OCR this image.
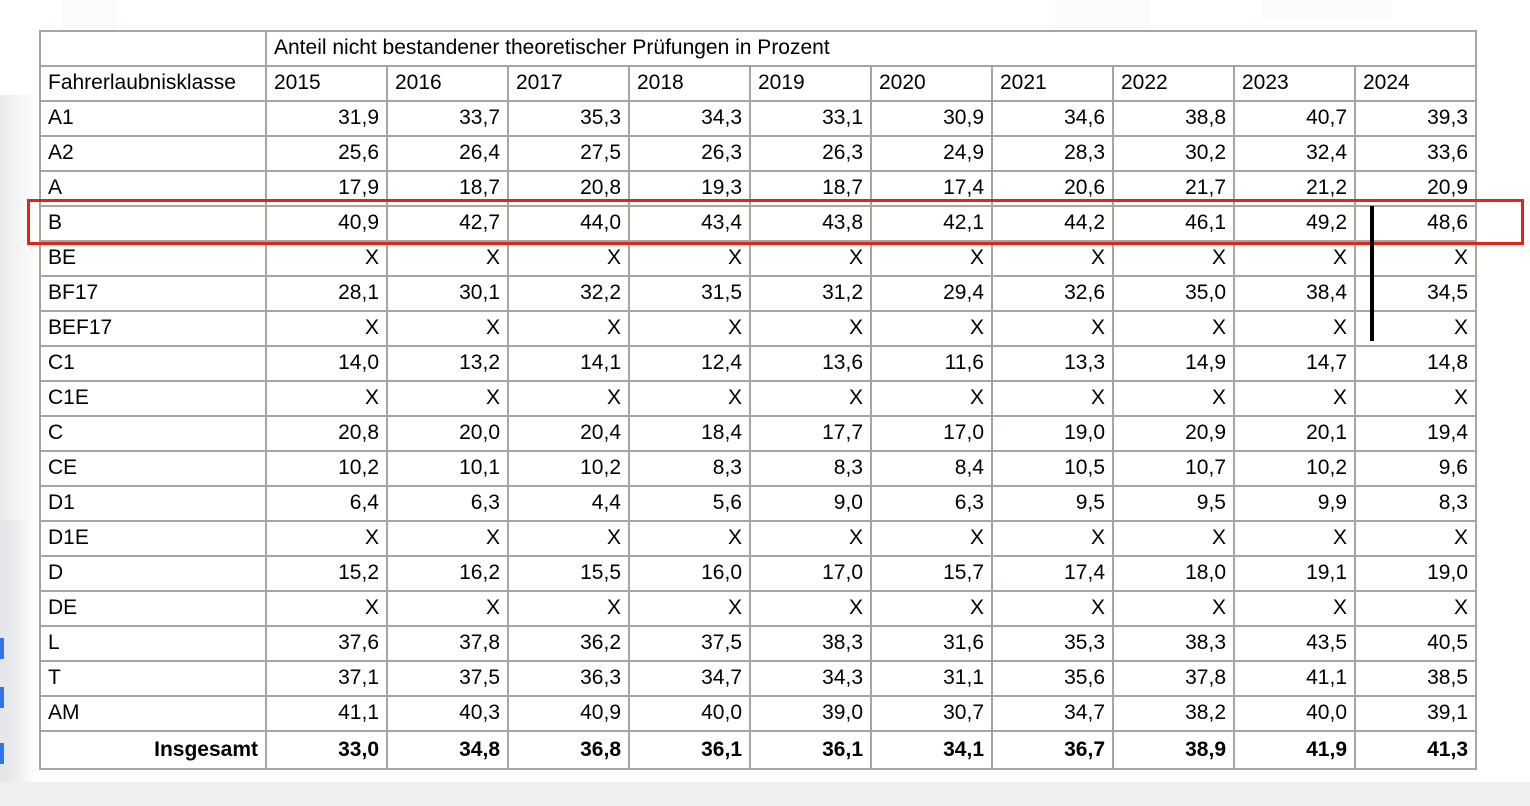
	Anteil nicht bestandener theoretischer Prüfungen in Prozent									
Fahrerlaubnisklasse	2015	2016	2017	2018	2019	2020	2021	2022	2023	2024
A1	31,9	33,7	35,3	34,3	33,1	30,9	34,6	38,8	40,7	39,3
A2	25,6	26,4	27,5	26,3	26,3	24,9	28,3	30,2	32,4	33,6
A	17,9	18,7	20,8	19,3	18,7	17,4	20,6	21,7	21,2	20,9
B	40,9	42,7	44,0	43,4	43,8	42,1	44,2	46,1	49,2	48,6
BE	X	X	X	X	X	X	X	X	X	X
BF17	28,1	30,1	32,2	31,5	31,2	29,4	32,6	35,0	38,4	34,5
BEF17	X	X	X	X	X	X	X	X	X	X
C1	14,0	13,2	14,1	12,4	13,6	11,6	13,3	14,9	14,7	14,8
C1E	X	X	X	X	X	X	X	X	X	X
C	20,8	20,0	20,4	18,4	17,7	17,0	19,0	20,9	20,1	19,4
CE	10,2	10,1	10,2	8,3	8,3	8,4	10,5	10,7	10,2	9,6
D1	6,4	6,3	4,4	5,6	9,0	6,3	9,5	9,5	9,9	8,3
D1E	X	X	X	X	X	X	X	X	X	X
D	15,2	16,2	15,5	16,0	17,0	15,7	17,4	18,0	19,1	19,0
DE	X	X	X	X	X	X	X	X	X	X
L	37,6	37,8	36,2	37,5	38,3	31,6	35,3	38,3	43,5	40,5
T	37,1	37,5	36,3	34,7	34,3	31,1	35,6	37,8	41,1	38,5
AM	41,1	40,3	40,9	40,0	39,0	30,7	34,7	38,2	40,0	39,1
Insgesamt	33,0	34,8	36,8	36,1	36,1	34,1	36,7	38,9	41,9	41,3
